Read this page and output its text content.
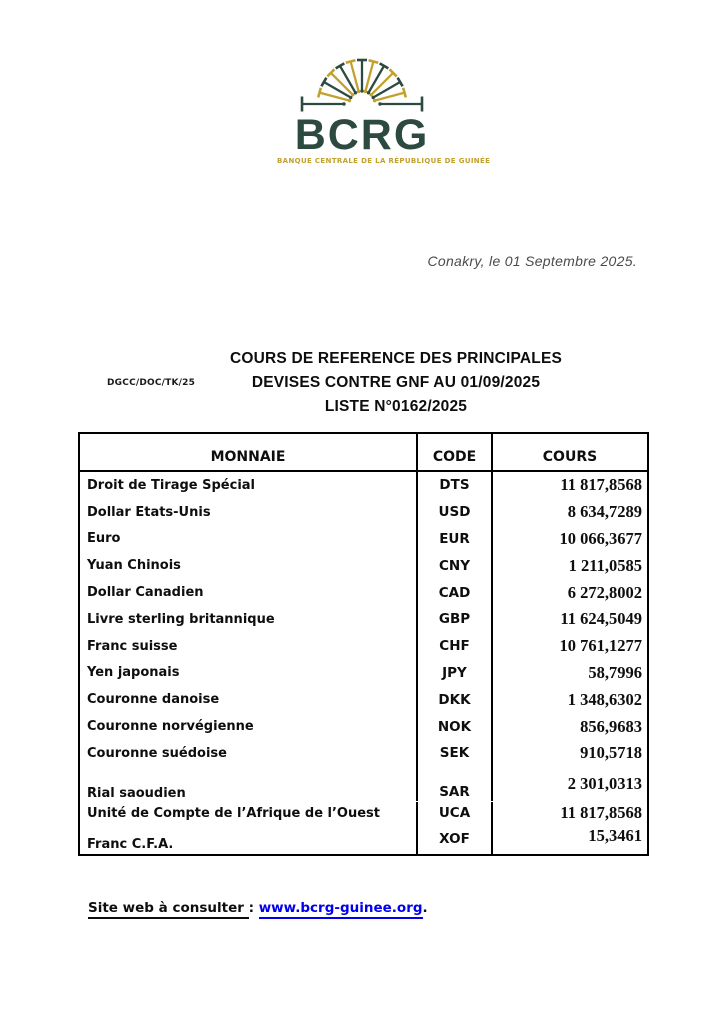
BCRG
BANQUE CENTRALE DE LA RÉPUBLIQUE DE GUINÉE
Conakry, le 01 Septembre 2025.
DGCC/DOC/TK/25
COURS DE REFERENCE DES PRINCIPALES
DEVISES CONTRE GNF AU 01/09/2025
LISTE N°0162/2025
MONNAIE	CODE	COURS
Droit de Tirage Spécial	DTS	11 817,8568
Dollar Etats-Unis	USD	8 634,7289
Euro	EUR	10 066,3677
Yuan Chinois	CNY	1 211,0585
Dollar Canadien	CAD	6 272,8002
Livre sterling britannique	GBP	11 624,5049
Franc suisse	CHF	10 761,1277
Yen japonais	JPY	58,7996
Couronne danoise	DKK	1 348,6302
Couronne norvégienne	NOK	856,9683
Couronne suédoise	SEK	910,5718
Rial saoudien	SAR	2 301,0313
Unité de Compte de l’Afrique de l’Ouest	UCA	11 817,8568
Franc C.F.A.	XOF	15,3461
Site web à consulter : www.bcrg-guinee.org.
